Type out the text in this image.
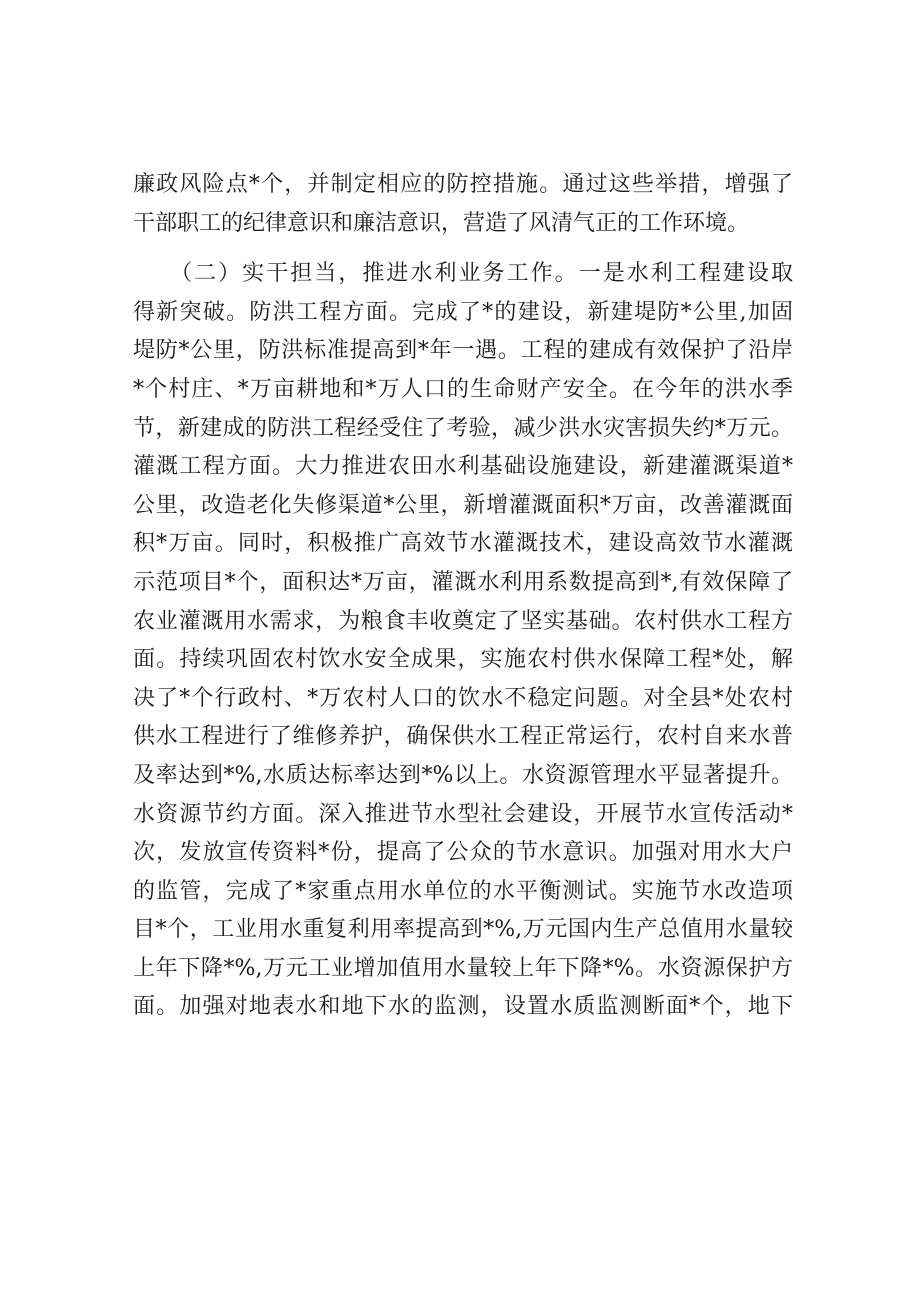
廉政风险点*个，并制定相应的防控措施。通过这些举措，增强了
干部职工的纪律意识和廉洁意识，营造了风清气正的工作环境。
　　（二）实干担当，推进水利业务工作。一是水利工程建设取
得新突破。防洪工程方面。完成了*的建设，新建堤防*公里,加固
堤防*公里，防洪标准提高到*年一遇。工程的建成有效保护了沿岸
*个村庄、*万亩耕地和*万人口的生命财产安全。在今年的洪水季
节，新建成的防洪工程经受住了考验，减少洪水灾害损失约*万元。
灌溉工程方面。大力推进农田水利基础设施建设，新建灌溉渠道*
公里，改造老化失修渠道*公里，新增灌溉面积*万亩，改善灌溉面
积*万亩。同时，积极推广高效节水灌溉技术，建设高效节水灌溉
示范项目*个，面积达*万亩，灌溉水利用系数提高到*,有效保障了
农业灌溉用水需求，为粮食丰收奠定了坚实基础。农村供水工程方
面。持续巩固农村饮水安全成果，实施农村供水保障工程*处，解
决了*个行政村、*万农村人口的饮水不稳定问题。对全县*处农村
供水工程进行了维修养护，确保供水工程正常运行，农村自来水普
及率达到*%,水质达标率达到*%以上。水资源管理水平显著提升。
水资源节约方面。深入推进节水型社会建设，开展节水宣传活动*
次，发放宣传资料*份，提高了公众的节水意识。加强对用水大户
的监管，完成了*家重点用水单位的水平衡测试。实施节水改造项
目*个，工业用水重复利用率提高到*%,万元国内生产总值用水量较
上年下降*%,万元工业增加值用水量较上年下降*%。水资源保护方
面。加强对地表水和地下水的监测，设置水质监测断面*个，地下
